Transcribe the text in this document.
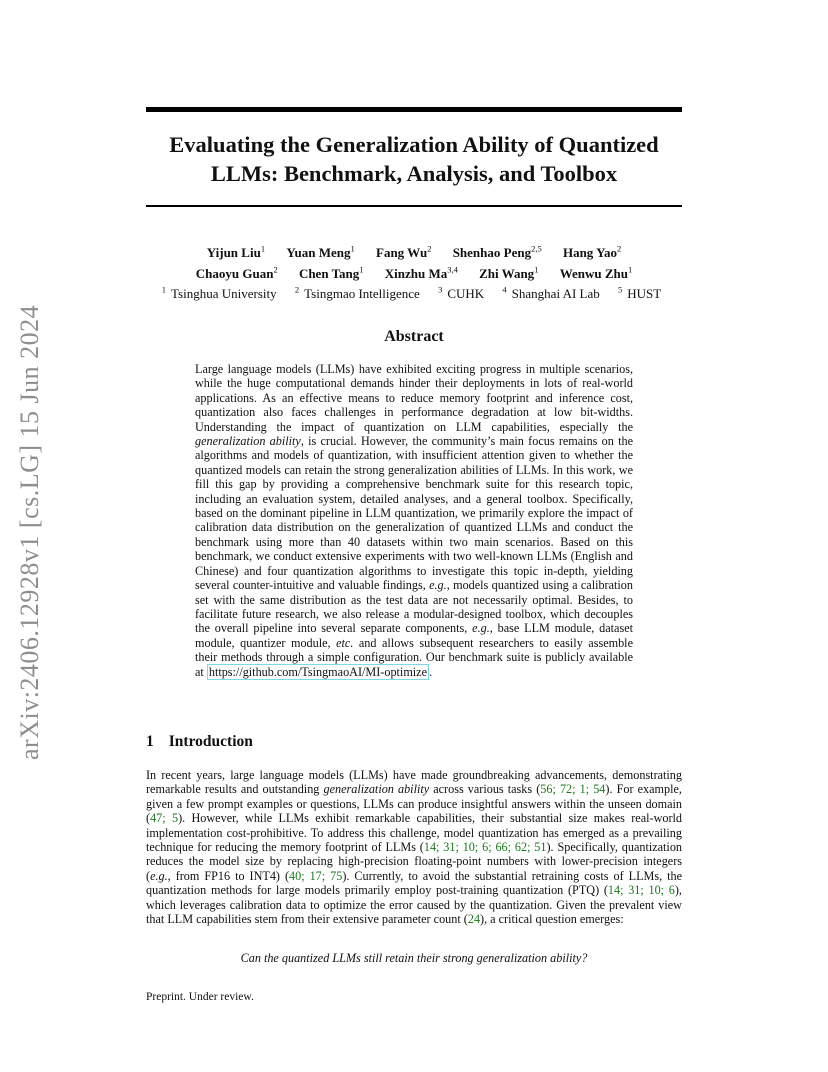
arXiv:2406.12928v1 [cs.LG] 15 Jun 2024
Evaluating the Generalization Ability of Quantized
LLMs: Benchmark, Analysis, and Toolbox
Yijun Liu$^1$ Yuan Meng$^1$ Fang Wu$^2$ Shenhao Peng$^{2,5}$ Hang Yao$^2$
Chaoyu Guan$^2$ Chen Tang$^1$ Xinzhu Ma$^{3,4}$ Zhi Wang$^1$ Wenwu Zhu$^1$
$^1$ Tsinghua University $^2$ Tsingmao Intelligence $^3$ CUHK $^4$ Shanghai AI Lab $^5$ HUST
Abstract
Large language models (LLMs) have exhibited exciting progress in multiple scenarios, while the huge computational demands hinder their deployments in lots of real-world applications. As an effective means to reduce memory footprint and inference cost, quantization also faces challenges in performance degradation at low bit-widths. Understanding the impact of quantization on LLM capabilities, especially the generalization ability, is crucial. However, the community’s main focus remains on the algorithms and models of quantization, with insufficient attention given to whether the quantized models can retain the strong generalization abilities of LLMs. In this work, we fill this gap by providing a comprehensive benchmark suite for this research topic, including an evaluation system, detailed analyses, and a general toolbox. Specifically, based on the dominant pipeline in LLM quantization, we primarily explore the impact of calibration data distribution on the generalization of quantized LLMs and conduct the benchmark using more than 40 datasets within two main scenarios. Based on this benchmark, we conduct extensive experiments with two well-known LLMs (English and Chinese) and four quantization algorithms to investigate this topic in-depth, yielding several counter-intuitive and valuable findings, e.g., models quantized using a calibration set with the same distribution as the test data are not necessarily optimal. Besides, to facilitate future research, we also release a modular-designed toolbox, which decouples the overall pipeline into several separate components, e.g., base LLM module, dataset module, quantizer module, etc. and allows subsequent researchers to easily assemble their methods through a simple configuration. Our benchmark suite is publicly available at https://github.com/TsingmaoAI/MI-optimize .
1 Introduction
In recent years, large language models (LLMs) have made groundbreaking advancements, demonstrating remarkable results and outstanding generalization ability across various tasks (56; 72; 1; 54). For example, given a few prompt examples or questions, LLMs can produce insightful answers within the unseen domain (47; 5). However, while LLMs exhibit remarkable capabilities, their substantial size makes real-world implementation cost-prohibitive. To address this challenge, model quantization has emerged as a prevailing technique for reducing the memory footprint of LLMs (14; 31; 10; 6; 66; 62; 51). Specifically, quantization reduces the model size by replacing high-precision floating-point numbers with lower-precision integers (e.g., from FP16 to INT4) (40; 17; 75). Currently, to avoid the substantial retraining costs of LLMs, the quantization methods for large models primarily employ post-training quantization (PTQ) (14; 31; 10; 6), which leverages calibration data to optimize the error caused by the quantization. Given the prevalent view that LLM capabilities stem from their extensive parameter count (24), a critical question emerges:
Can the quantized LLMs still retain their strong generalization ability?
Preprint. Under review.
